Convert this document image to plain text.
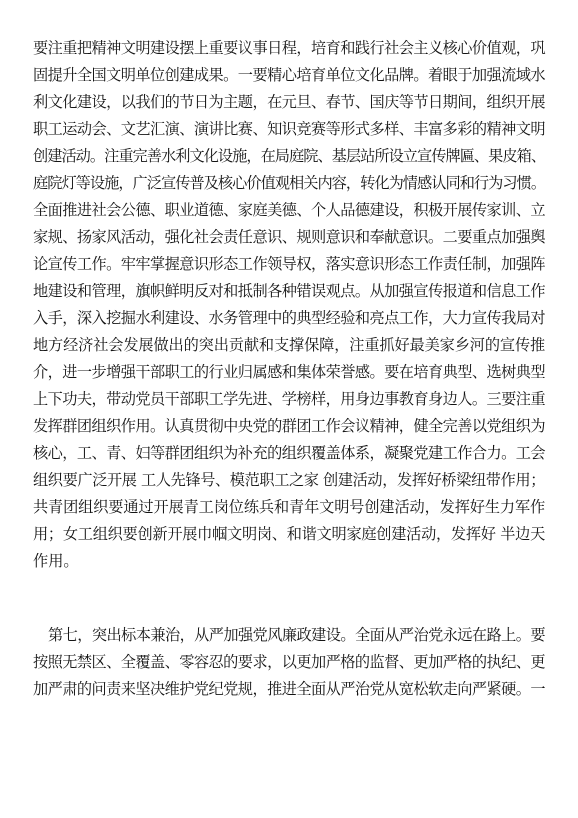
要注重把精神文明建设摆上重要议事日程，培育和践行社会主义核心价值观，巩
固提升全国文明单位创建成果。一要精心培育单位文化品牌。着眼于加强流域水
利文化建设，以我们的节日为主题，在元旦、春节、国庆等节日期间，组织开展
职工运动会、文艺汇演、演讲比赛、知识竞赛等形式多样、丰富多彩的精神文明
创建活动。注重完善水利文化设施，在局庭院、基层站所设立宣传牌匾、果皮箱、
庭院灯等设施，广泛宣传普及核心价值观相关内容，转化为情感认同和行为习惯。
全面推进社会公德、职业道德、家庭美德、个人品德建设，积极开展传家训、立
家规、扬家风活动，强化社会责任意识、规则意识和奉献意识。二要重点加强舆
论宣传工作。牢牢掌握意识形态工作领导权，落实意识形态工作责任制，加强阵
地建设和管理，旗帜鲜明反对和抵制各种错误观点。从加强宣传报道和信息工作
入手，深入挖掘水利建设、水务管理中的典型经验和亮点工作，大力宣传我局对
地方经济社会发展做出的突出贡献和支撑保障，注重抓好最美家乡河的宣传推
介，进一步增强干部职工的行业归属感和集体荣誉感。要在培育典型、选树典型
上下功夫，带动党员干部职工学先进、学榜样，用身边事教育身边人。三要注重
发挥群团组织作用。认真贯彻中央党的群团工作会议精神，健全完善以党组织为
核心，工、青、妇等群团组织为补充的组织覆盖体系，凝聚党建工作合力。工会
组织要广泛开展 工人先锋号、模范职工之家 创建活动，发挥好桥梁纽带作用；
共青团组织要通过开展青工岗位练兵和青年文明号创建活动，发挥好生力军作
用；女工组织要创新开展巾帼文明岗、和谐文明家庭创建活动，发挥好 半边天
作用。
第七，突出标本兼治，从严加强党风廉政建设。全面从严治党永远在路上。要
按照无禁区、全覆盖、零容忍的要求，以更加严格的监督、更加严格的执纪、更
加严肃的问责来坚决维护党纪党规，推进全面从严治党从宽松软走向严紧硬。一
